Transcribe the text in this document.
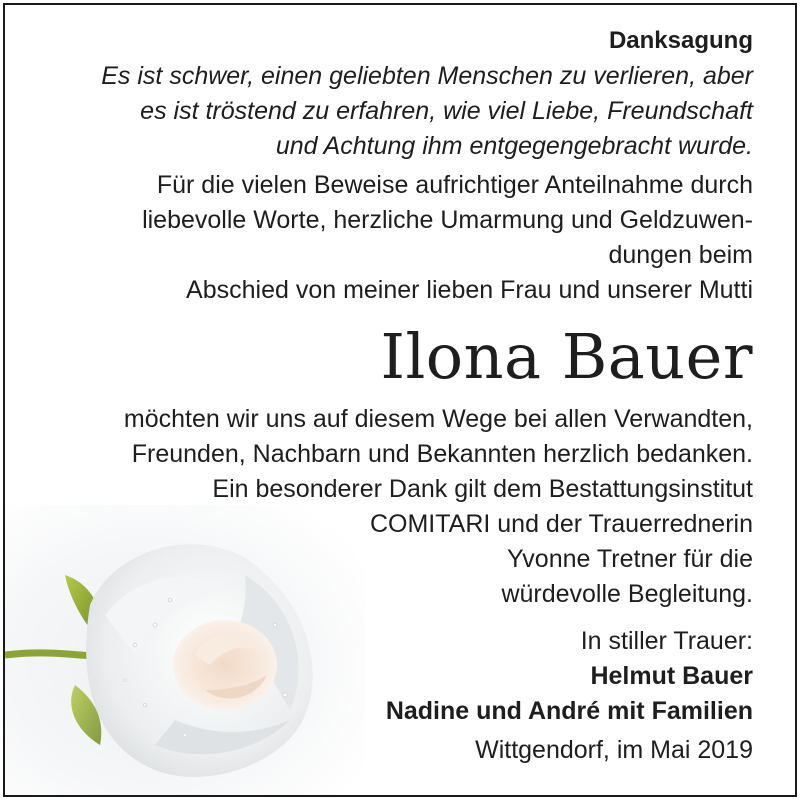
Danksagung
Es ist schwer, einen geliebten Menschen zu verlieren, aber
es ist tröstend zu erfahren, wie viel Liebe, Freundschaft
und Achtung ihm entgegengebracht wurde.
Für die vielen Beweise aufrichtiger Anteilnahme durch
liebevolle Worte, herzliche Umarmung und Geldzuwen-
dungen beim
Abschied von meiner lieben Frau und unserer Mutti
Ilona Bauer
möchten wir uns auf diesem Wege bei allen Verwandten,
Freunden, Nachbarn und Bekannten herzlich bedanken.
Ein besonderer Dank gilt dem Bestattungsinstitut
COMITARI und der Trauerrednerin
Yvonne Tretner für die
würdevolle Begleitung.
In stiller Trauer:
Helmut Bauer
Nadine und André mit Familien
Wittgendorf, im Mai 2019
